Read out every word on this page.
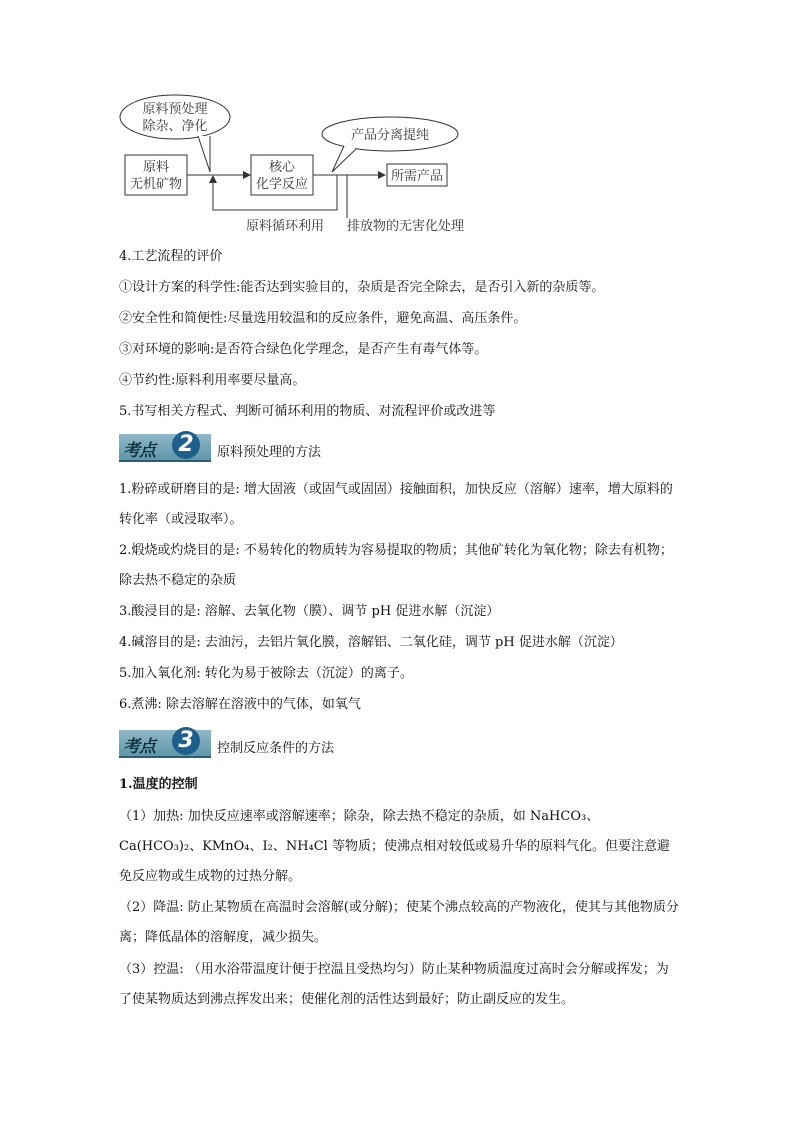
原料预处理
除杂、净化
原料
无机矿物
核心
化学反应
产品分离提纯
所需产品
原料循环利用 排放物的无害化处理
4.工艺流程的评价
①设计方案的科学性:能否达到实验目的，杂质是否完全除去，是否引入新的杂质等。
②安全性和简便性:尽量选用较温和的反应条件，避免高温、高压条件。
③对环境的影响:是否符合绿色化学理念，是否产生有毒气体等。
④节约性:原料利用率要尽量高。
5.书写相关方程式、判断可循环利用的物质、对流程评价或改进等
考点 2	原料预处理的方法
1.粉碎或研磨目的是: 增大固液（或固气或固固）接触面积，加快反应（溶解）速率，增大原料的转化率（或浸取率）。
2.煅烧或灼烧目的是: 不易转化的物质转为容易提取的物质；其他矿转化为氧化物；除去有机物；除去热不稳定的杂质
3.酸浸目的是: 溶解、去氧化物（膜）、调节 pH 促进水解（沉淀）
4.碱溶目的是: 去油污，去铝片氧化膜，溶解铝、二氧化硅，调节 pH 促进水解（沉淀）
5.加入氧化剂: 转化为易于被除去（沉淀）的离子。
6.煮沸: 除去溶解在溶液中的气体，如氧气
考点 3	控制反应条件的方法
1.温度的控制
（1）加热: 加快反应速率或溶解速率；除杂，除去热不稳定的杂质，如 NaHCO₃、Ca(HCO₃)₂、KMnO₄、I₂、NH₄Cl 等物质；使沸点相对较低或易升华的原料气化。但要注意避免反应物或生成物的过热分解。
（2）降温: 防止某物质在高温时会溶解(或分解)；使某个沸点较高的产物液化，使其与其他物质分离；降低晶体的溶解度，减少损失。
（3）控温: （用水浴带温度计便于控温且受热均匀）防止某种物质温度过高时会分解或挥发；为了使某物质达到沸点挥发出来；使催化剂的活性达到最好；防止副反应的发生。
